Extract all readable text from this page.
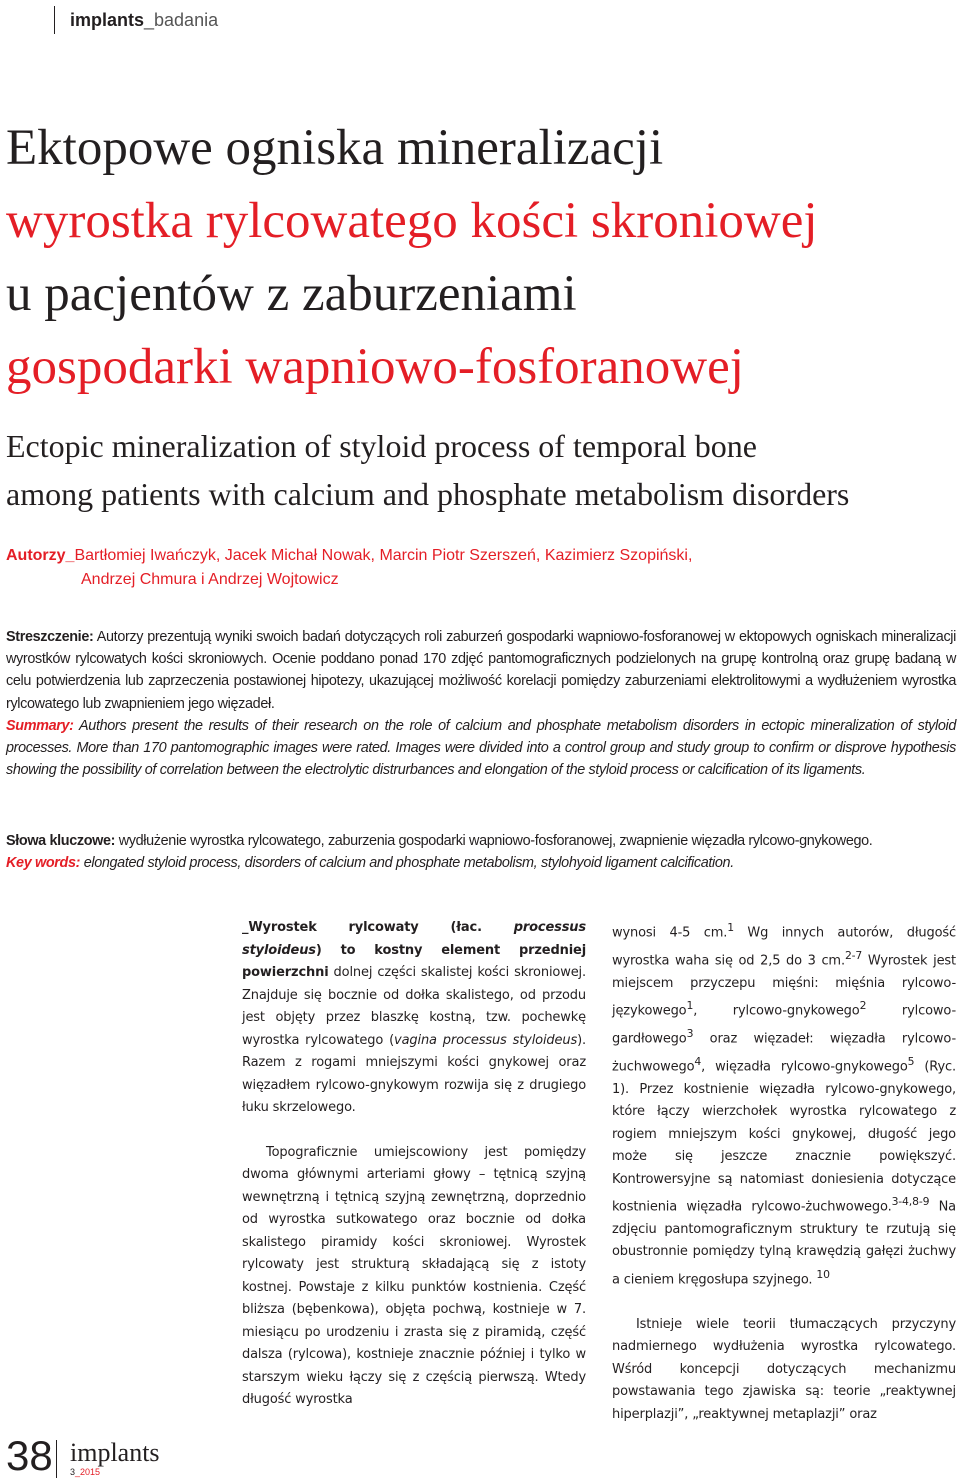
implants_badania
Ektopowe ogniska mineralizacji
wyrostka rylcowatego kości skroniowej
u pacjentów z zaburzeniami
gospodarki wapniowo-fosforanowej
Ectopic mineralization of styloid process of temporal bone
among patients with calcium and phosphate metabolism disorders
Autorzy_Bartłomiej Iwańczyk, Jacek Michał Nowak, Marcin Piotr Szerszeń, Kazimierz Szopiński,
Andrzej Chmura i Andrzej Wojtowicz

Streszczenie: Autorzy prezentują wyniki swoich badań dotyczących roli zaburzeń gospodarki wapniowo-fosforanowej w ektopowych ogniskach mineralizacji wyrostków rylcowatych kości skroniowych. Ocenie poddano ponad 170 zdjęć pantomograficznych podzielonych na grupę kontrolną oraz grupę badaną w celu potwierdzenia lub zaprzeczenia postawionej hipotezy, ukazującej możliwość korelacji pomiędzy zaburzeniami elektrolitowymi a wydłużeniem wyrostka rylcowatego lub zwapnieniem jego więzadeł.

Summary: Authors present the results of their research on the role of calcium and phosphate metabolism disorders in ectopic mineralization of styloid processes. More than 170 pantomographic images were rated. Images were divided into a control group and study group to confirm or disprove hypothesis showing the possibility of correlation between the electrolytic distrurbances and elongation of the styloid process or calcification of its ligaments.

Słowa kluczowe: wydłużenie wyrostka rylcowatego, zaburzenia gospodarki wapniowo-fosforanowej, zwapnienie więzadła rylcowo-gnykowego.

Key words: elongated styloid process, disorders of calcium and phosphate metabolism, stylohyoid ligament calcification.

_Wyrostek rylcowaty (łac. processus styloideus) to kostny element przedniej powierzchni dolnej części skalistej kości skroniowej. Znajduje się bocznie od dołka skalistego, od przodu jest objęty przez blaszkę kostną, tzw. pochewkę wyrostka rylcowatego (vagina processus styloideus). Razem z rogami mniejszymi kości gnykowej oraz więzadłem rylcowo-gnykowym rozwija się z drugiego łuku skrzelowego.

Topograficznie umiejscowiony jest pomiędzy dwoma głównymi arteriami głowy – tętnicą szyjną wewnętrzną i tętnicą szyjną zewnętrzną, doprzednio od wyrostka sutkowatego oraz bocznie od dołka skalistego piramidy kości skroniowej. Wyrostek rylcowaty jest strukturą składającą się z istoty kostnej. Powstaje z kilku punktów kostnienia. Część bliższa (bębenkowa), objęta pochwą, kostnieje w 7. miesiącu po urodzeniu i zrasta się z piramidą, część dalsza (rylcowa), kostnieje znacznie później i tylko w starszym wieku łączy się z częścią pierwszą. Wtedy długość wyrostka

wynosi 4-5 cm.$^1$ Wg innych autorów, długość wyrostka waha się od 2,5 do 3 cm.$^{2-7}$ Wyrostek jest miejscem przyczepu mięśni: mięśnia rylcowo-językowego$^1$, rylcowo-gnykowego$^2$ rylcowo-gardłowego$^3$ oraz więzadeł: więzadła rylcowo-żuchwowego$^4$, więzadła rylcowo-gnykowego$^5$ (Ryc. 1). Przez kostnienie więzadła rylcowo-gnykowego, które łączy wierzchołek wyrostka rylcowatego z rogiem mniejszym kości gnykowej, długość jego może się jeszcze znacznie powiększyć. Kontrowersyjne są natomiast doniesienia dotyczące kostnienia więzadła rylcowo-żuchwowego.$^{3-4,8-9}$ Na zdjęciu pantomograficznym struktury te rzutują się obustronnie pomiędzy tylną krawędzią gałęzi żuchwy a cieniem kręgosłupa szyjnego. $^{10}$

Istnieje wiele teorii tłumaczących przyczyny nadmiernego wydłużenia wyrostka rylcowatego. Wśród koncepcji dotyczących mechanizmu powstawania tego zjawiska są: teorie „reaktywnej hiperplazji”, „reaktywnej metaplazji” oraz

38 implants
3_2015
